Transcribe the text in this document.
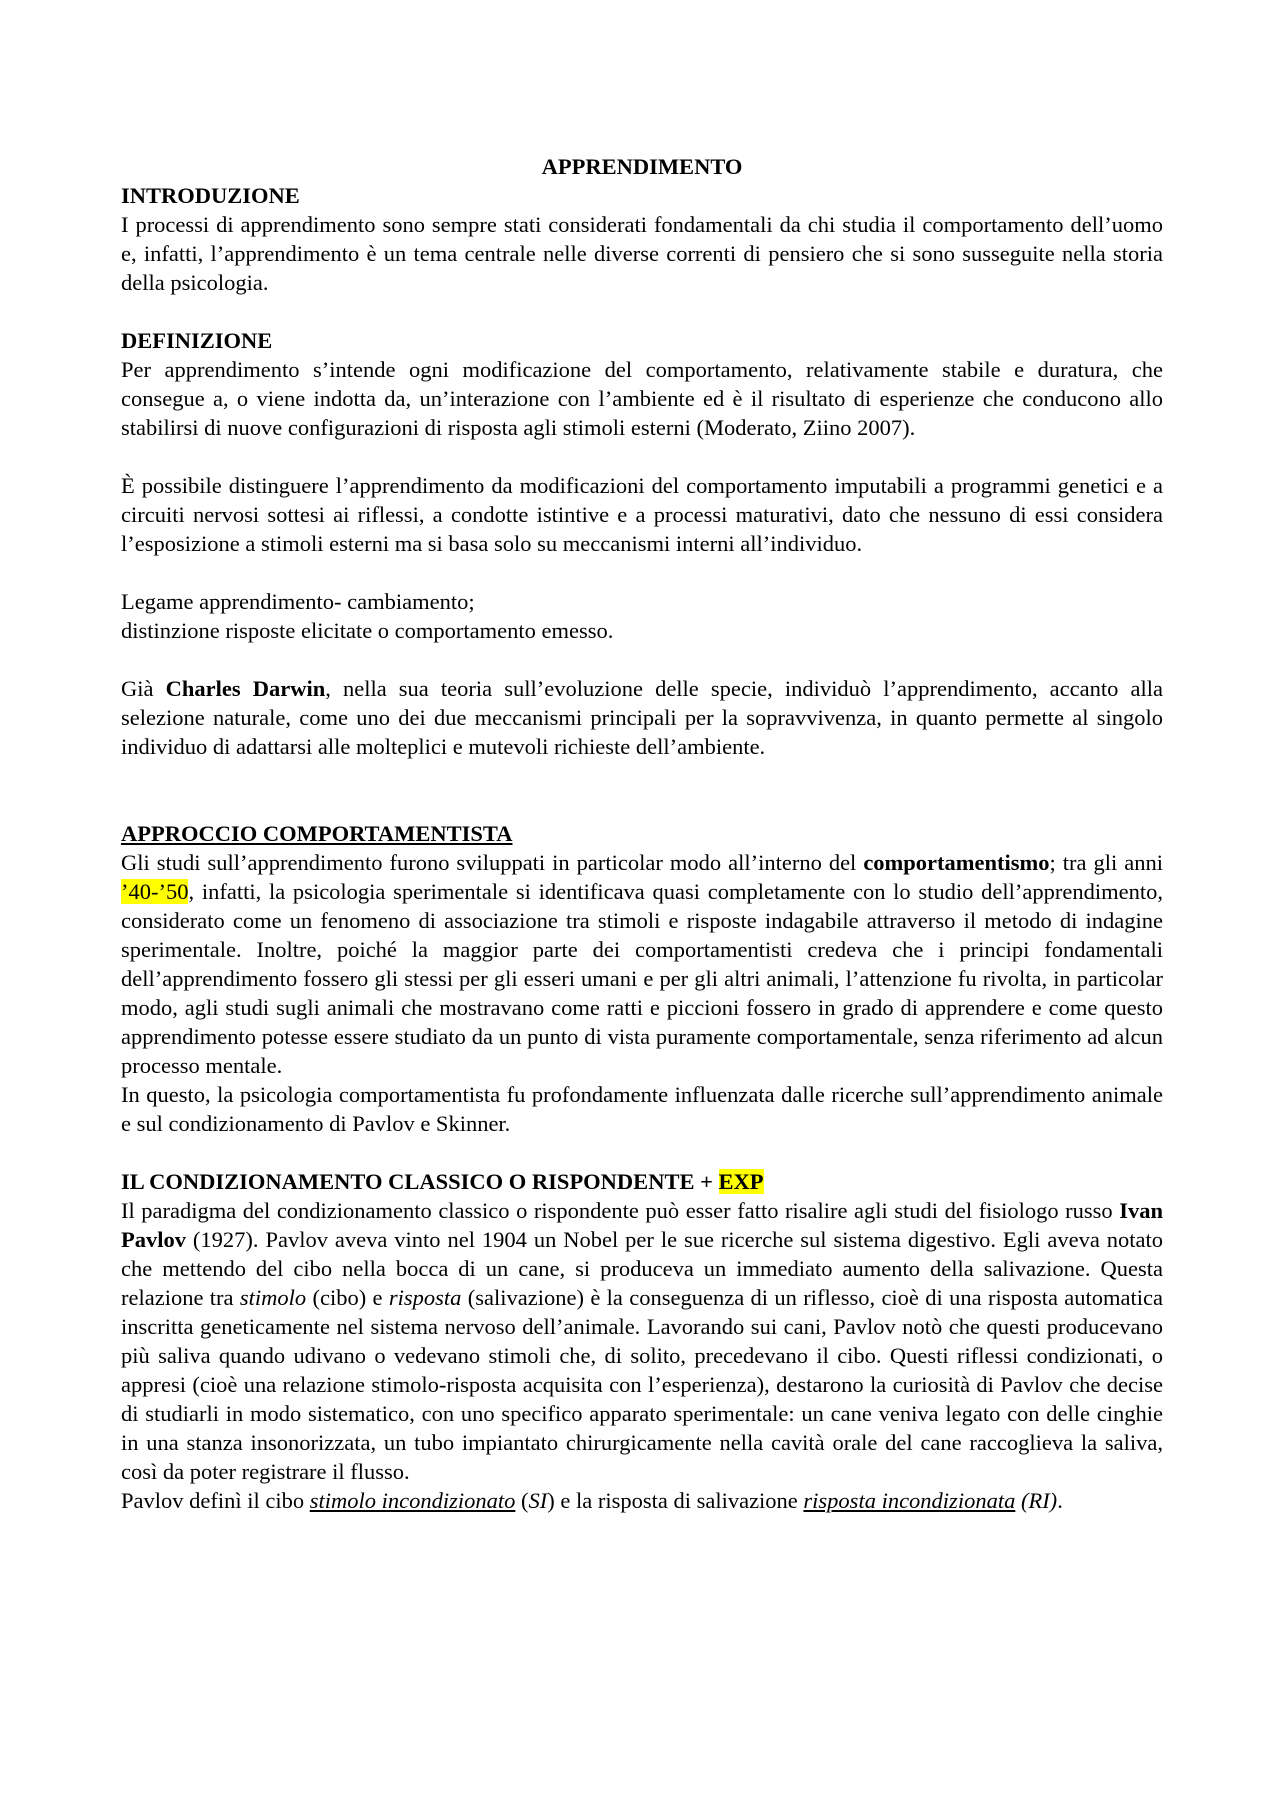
APPRENDIMENTO
INTRODUZIONE

I processi di apprendimento sono sempre stati considerati fondamentali da chi studia il comportamento dell’uomo e, infatti, l’apprendimento è un tema centrale nelle diverse correnti di pensiero che si sono susseguite nella storia della psicologia.

DEFINIZIONE

Per apprendimento s’intende ogni modificazione del comportamento, relativamente stabile e duratura, che consegue a, o viene indotta da, un’interazione con l’ambiente ed è il risultato di esperienze che conducono allo stabilirsi di nuove configurazioni di risposta agli stimoli esterni (Moderato, Ziino 2007).

È possibile distinguere l’apprendimento da modificazioni del comportamento imputabili a programmi genetici e a circuiti nervosi sottesi ai riflessi, a condotte istintive e a processi maturativi, dato che nessuno di essi considera l’esposizione a stimoli esterni ma si basa solo su meccanismi interni all’individuo.

Legame apprendimento- cambiamento;

distinzione risposte elicitate o comportamento emesso.

Già Charles Darwin, nella sua teoria sull’evoluzione delle specie, individuò l’apprendimento, accanto alla selezione naturale, come uno dei due meccanismi principali per la sopravvivenza, in quanto permette al singolo individuo di adattarsi alle molteplici e mutevoli richieste dell’ambiente.

APPROCCIO COMPORTAMENTISTA

Gli studi sull’apprendimento furono sviluppati in particolar modo all’interno del comportamentismo; tra gli anni ’40-’50, infatti, la psicologia sperimentale si identificava quasi completamente con lo studio dell’apprendimento, considerato come un fenomeno di associazione tra stimoli e risposte indagabile attraverso il metodo di indagine sperimentale. Inoltre, poiché la maggior parte dei comportamentisti credeva che i principi fondamentali dell’apprendimento fossero gli stessi per gli esseri umani e per gli altri animali, l’attenzione fu rivolta, in particolar modo, agli studi sugli animali che mostravano come ratti e piccioni fossero in grado di apprendere e come questo apprendimento potesse essere studiato da un punto di vista puramente comportamentale, senza riferimento ad alcun processo mentale.

In questo, la psicologia comportamentista fu profondamente influenzata dalle ricerche sull’apprendimento animale e sul condizionamento di Pavlov e Skinner.

IL CONDIZIONAMENTO CLASSICO O RISPONDENTE + EXP

Il paradigma del condizionamento classico o rispondente può esser fatto risalire agli studi del fisiologo russo Ivan Pavlov (1927). Pavlov aveva vinto nel 1904 un Nobel per le sue ricerche sul sistema digestivo. Egli aveva notato che mettendo del cibo nella bocca di un cane, si produceva un immediato aumento della salivazione. Questa relazione tra stimolo (cibo) e risposta (salivazione) è la conseguenza di un riflesso, cioè di una risposta automatica inscritta geneticamente nel sistema nervoso dell’animale. Lavorando sui cani, Pavlov notò che questi producevano più saliva quando udivano o vedevano stimoli che, di solito, precedevano il cibo. Questi riflessi condizionati, o appresi (cioè una relazione stimolo-risposta acquisita con l’esperienza), destarono la curiosità di Pavlov che decise di studiarli in modo sistematico, con uno specifico apparato sperimentale: un cane veniva legato con delle cinghie in una stanza insonorizzata, un tubo impiantato chirurgicamente nella cavità orale del cane raccoglieva la saliva, così da poter registrare il flusso.

Pavlov definì il cibo stimolo incondizionato (SI) e la risposta di salivazione risposta incondizionata (RI).
